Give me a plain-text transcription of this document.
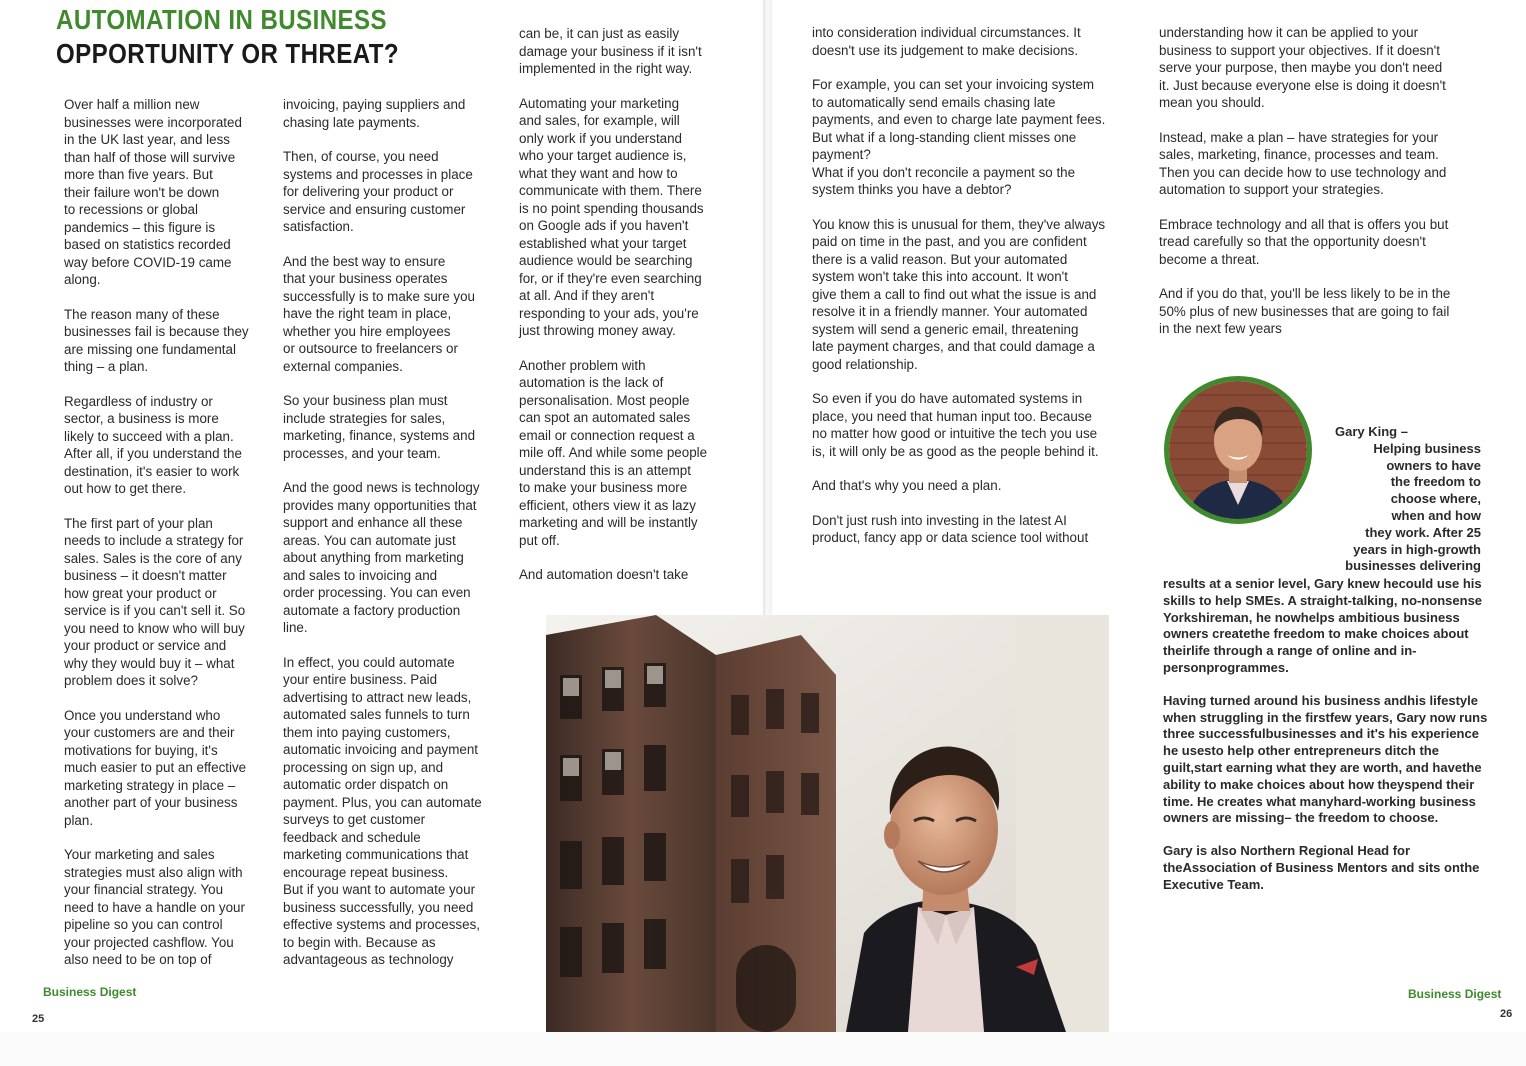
AUTOMATION IN BUSINESS
OPPORTUNITY OR THREAT?

Over half a million new
businesses were incorporated
in the UK last year, and less
than half of those will survive
more than five years. But
their failure won't be down
to recessions or global
pandemics – this figure is
based on statistics recorded
way before COVID-19 came
along.

The reason many of these
businesses fail is because they
are missing one fundamental
thing – a plan.

Regardless of industry or
sector, a business is more
likely to succeed with a plan.
After all, if you understand the
destination, it's easier to work
out how to get there.

The first part of your plan
needs to include a strategy for
sales. Sales is the core of any
business – it doesn't matter
how great your product or
service is if you can't sell it. So
you need to know who will buy
your product or service and
why they would buy it – what
problem does it solve?

Once you understand who
your customers are and their
motivations for buying, it's
much easier to put an effective
marketing strategy in place –
another part of your business
plan.

Your marketing and sales
strategies must also align with
your financial strategy. You
need to have a handle on your
pipeline so you can control
your projected cashflow. You
also need to be on top of

invoicing, paying suppliers and
chasing late payments.

Then, of course, you need
systems and processes in place
for delivering your product or
service and ensuring customer
satisfaction.

And the best way to ensure
that your business operates
successfully is to make sure you
have the right team in place,
whether you hire employees
or outsource to freelancers or
external companies.

So your business plan must
include strategies for sales,
marketing, finance, systems and
processes, and your team.

And the good news is technology
provides many opportunities that
support and enhance all these
areas. You can automate just
about anything from marketing
and sales to invoicing and
order processing. You can even
automate a factory production
line.

In effect, you could automate
your entire business. Paid
advertising to attract new leads,
automated sales funnels to turn
them into paying customers,
automatic invoicing and payment
processing on sign up, and
automatic order dispatch on
payment. Plus, you can automate
surveys to get customer
feedback and schedule
marketing communications that
encourage repeat business.
But if you want to automate your
business successfully, you need
effective systems and processes,
to begin with. Because as
advantageous as technology

can be, it can just as easily
damage your business if it isn't
implemented in the right way.

Automating your marketing
and sales, for example, will
only work if you understand
who your target audience is,
what they want and how to
communicate with them. There
is no point spending thousands
on Google ads if you haven't
established what your target
audience would be searching
for, or if they're even searching
at all. And if they aren't
responding to your ads, you're
just throwing money away.

Another problem with
automation is the lack of
personalisation. Most people
can spot an automated sales
email or connection request a
mile off. And while some people
understand this is an attempt
to make your business more
efficient, others view it as lazy
marketing and will be instantly
put off.

And automation doesn't take

into consideration individual circumstances. It
doesn't use its judgement to make decisions.

For example, you can set your invoicing system
to automatically send emails chasing late
payments, and even to charge late payment fees.
But what if a long-standing client misses one
payment?
What if you don't reconcile a payment so the
system thinks you have a debtor?

You know this is unusual for them, they've always
paid on time in the past, and you are confident
there is a valid reason. But your automated
system won't take this into account. It won't
give them a call to find out what the issue is and
resolve it in a friendly manner. Your automated
system will send a generic email, threatening
late payment charges, and that could damage a
good relationship.

So even if you do have automated systems in
place, you need that human input too. Because
no matter how good or intuitive the tech you use
is, it will only be as good as the people behind it.

And that's why you need a plan.

Don't just rush into investing in the latest AI
product, fancy app or data science tool without

understanding how it can be applied to your
business to support your objectives. If it doesn't
serve your purpose, then maybe you don't need
it. Just because everyone else is doing it doesn't
mean you should.

Instead, make a plan – have strategies for your
sales, marketing, finance, processes and team.
Then you can decide how to use technology and
automation to support your strategies.

Embrace technology and all that is offers you but
tread carefully so that the opportunity doesn't
become a threat.

And if you do that, you'll be less likely to be in the
50% plus of new businesses that are going to fail
in the next few years

Gary King –
Helping business
owners to have
the freedom to
choose where,
when and how
they work. After 25
years in high-growth
businesses delivering

results at a senior level, Gary knew hecould use his skills to help SMEs. A straight-talking, no-nonsense Yorkshireman, he nowhelps ambitious business owners createthe freedom to make choices about theirlife through a range of online and in-personprogrammes.

Having turned around his business andhis lifestyle when struggling in the firstfew years, Gary now runs three successfulbusinesses and it's his experience he usesto help other entrepreneurs ditch the guilt,start earning what they are worth, and havethe ability to make choices about how theyspend their time. He creates what manyhard-working business owners are missing– the freedom to choose.

Gary is also Northern Regional Head for theAssociation of Business Mentors and sits onthe Executive Team.

Business Digest
25
Business Digest
26
